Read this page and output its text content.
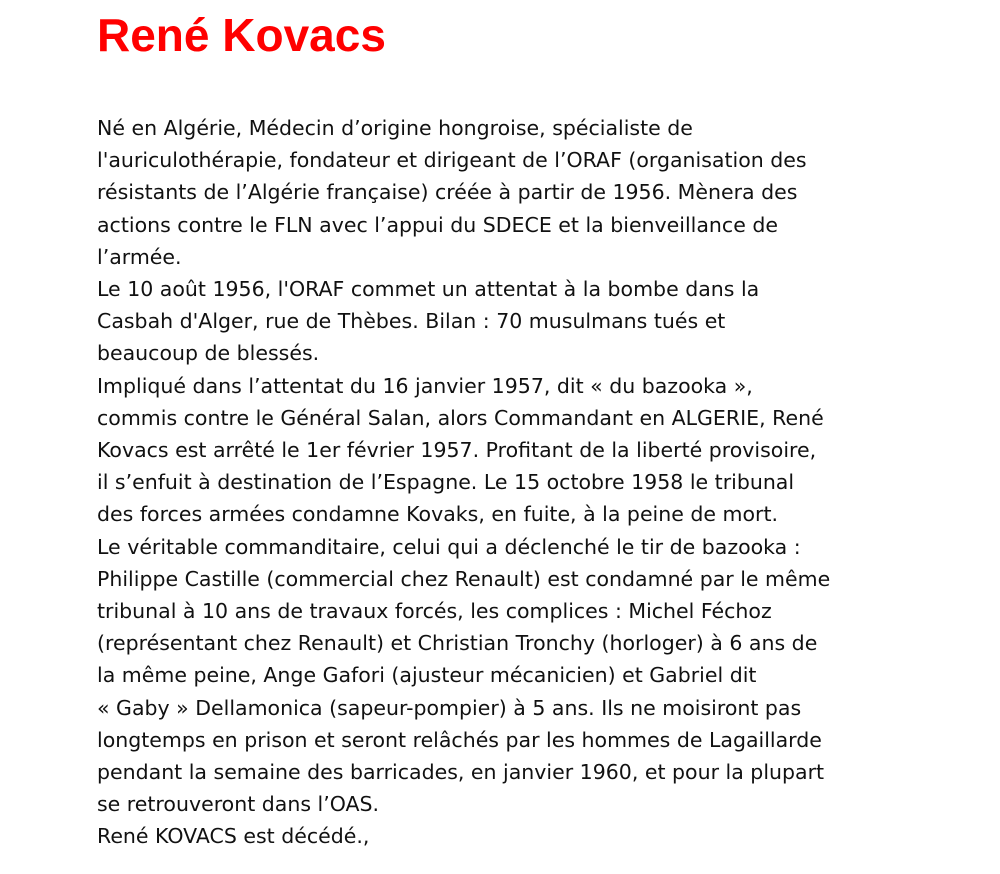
René Kovacs
Né en Algérie, Médecin d’origine hongroise, spécialiste de
l'auriculothérapie, fondateur et dirigeant de l’ORAF (organisation des
résistants de l’Algérie française) créée à partir de 1956. Mènera des
actions contre le FLN avec l’appui du SDECE et la bienveillance de
l’armée.
Le 10 août 1956, l'ORAF commet un attentat à la bombe dans la
Casbah d'Alger, rue de Thèbes. Bilan : 70 musulmans tués et
beaucoup de blessés.
Impliqué dans l’attentat du 16 janvier 1957, dit « du bazooka »,
commis contre le Général Salan, alors Commandant en ALGERIE, René
Kovacs est arrêté le 1er février 1957. Profitant de la liberté provisoire,
il s’enfuit à destination de l’Espagne. Le 15 octobre 1958 le tribunal
des forces armées condamne Kovaks, en fuite, à la peine de mort.
Le véritable commanditaire, celui qui a déclenché le tir de bazooka :
Philippe Castille (commercial chez Renault) est condamné par le même
tribunal à 10 ans de travaux forcés, les complices : Michel Féchoz
(représentant chez Renault) et Christian Tronchy (horloger) à 6 ans de
la même peine, Ange Gafori (ajusteur mécanicien) et Gabriel dit
« Gaby » Dellamonica (sapeur-pompier) à 5 ans. Ils ne moisiront pas
longtemps en prison et seront relâchés par les hommes de Lagaillarde
pendant la semaine des barricades, en janvier 1960, et pour la plupart
se retrouveront dans l’OAS.
René KOVACS est décédé.,
